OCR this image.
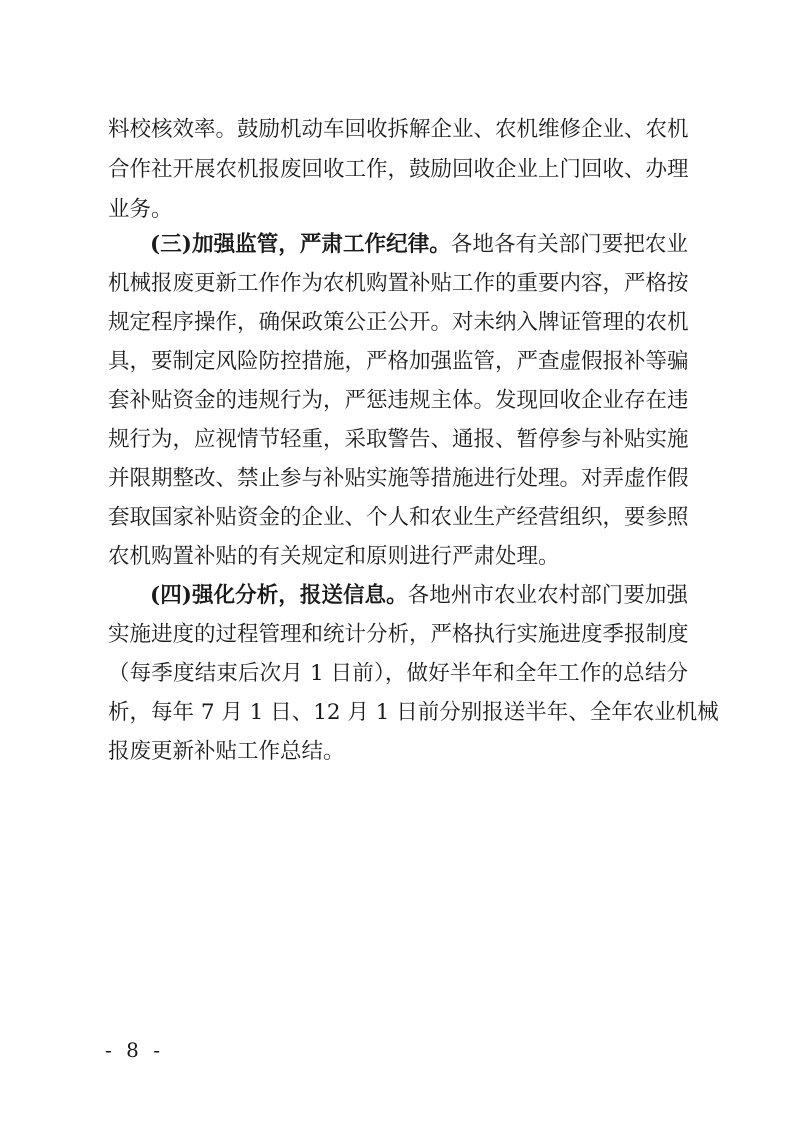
料校核效率。鼓励机动车回收拆解企业、农机维修企业、农机
合作社开展农机报废回收工作，鼓励回收企业上门回收、办理
业务。
(三)加强监管，严肃工作纪律。各地各有关部门要把农业
机械报废更新工作作为农机购置补贴工作的重要内容，严格按
规定程序操作，确保政策公正公开。对未纳入牌证管理的农机
具，要制定风险防控措施，严格加强监管，严查虚假报补等骗
套补贴资金的违规行为，严惩违规主体。发现回收企业存在违
规行为，应视情节轻重，采取警告、通报、暂停参与补贴实施
并限期整改、禁止参与补贴实施等措施进行处理。对弄虚作假
套取国家补贴资金的企业、个人和农业生产经营组织，要参照
农机购置补贴的有关规定和原则进行严肃处理。
(四)强化分析，报送信息。各地州市农业农村部门要加强
实施进度的过程管理和统计分析，严格执行实施进度季报制度
（每季度结束后次月 1 日前），做好半年和全年工作的总结分
析，每年 7 月 1 日、12 月 1 日前分别报送半年、全年农业机械
报废更新补贴工作总结。
- 8 -
